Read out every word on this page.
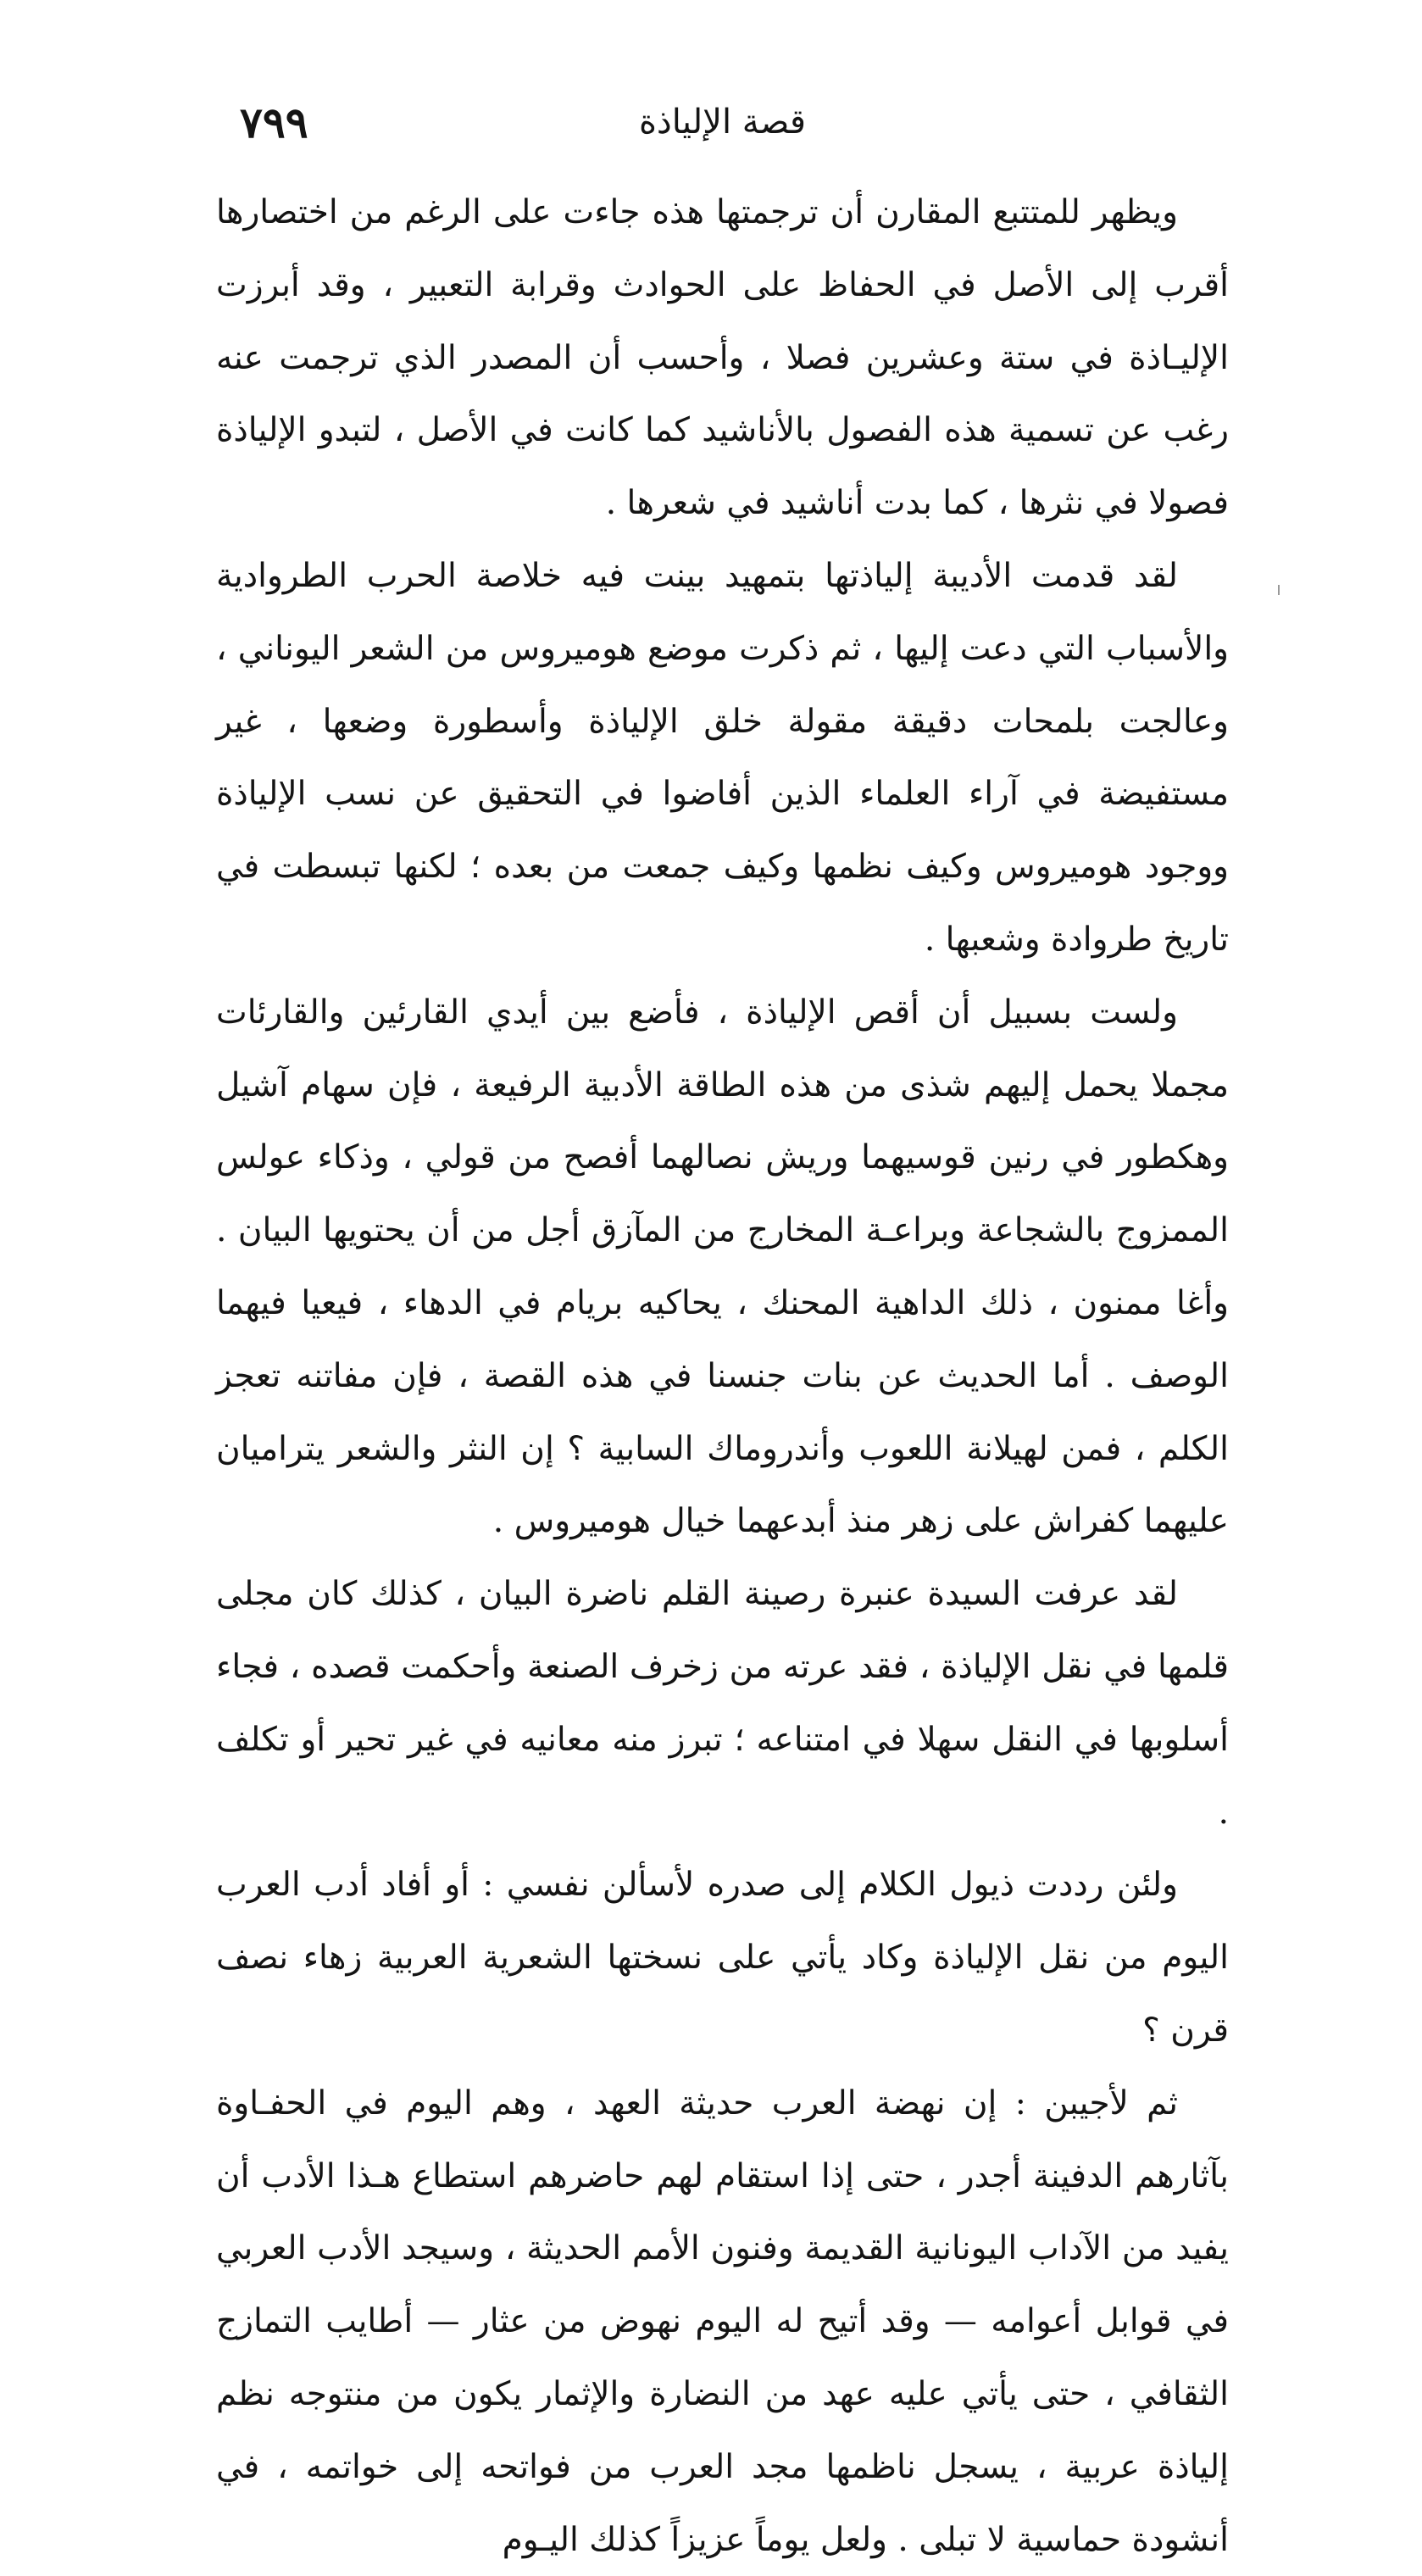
قصة الإلياذة
٧٩٩

ويظهر للمتتبع المقارن أن ترجمتها هذه جاءت على الرغم من اختصارها أقرب إلى الأصل في الحفاظ على الحوادث وقرابة التعبير ، وقد أبرزت الإليـاذة في ستة وعشرين فصلا ، وأحسب أن المصدر الذي ترجمت عنه رغب عن تسمية هذه الفصول بالأناشيد كما كانت في الأصل ، لتبدو الإلياذة فصولا في نثرها ، كما بدت أناشيد في شعرها .

لقد قدمت الأديبة إلياذتها بتمهيد بينت فيه خلاصة الحرب الطروادية والأسباب التي دعت إليها ، ثم ذكرت موضع هوميروس من الشعر اليوناني ، وعالجت بلمحات دقيقة مقولة خلق الإلياذة وأسطورة وضعها ، غير مستفيضة في آراء العلماء الذين أفاضوا في التحقيق عن نسب الإلياذة ووجود هوميروس وكيف نظمها وكيف جمعت من بعده ؛ لكنها تبسطت في تاريخ طروادة وشعبها .

ولست بسبيل أن أقص الإلياذة ، فأضع بين أيدي القارئين والقارئات مجملا يحمل إليهم شذى من هذه الطاقة الأدبية الرفيعة ، فإن سهام آشيل وهكطور في رنين قوسيهما وريش نصالهما أفصح من قولي ، وذكاء عولس الممزوج بالشجاعة وبراعـة المخارج من المآزق أجل من أن يحتويها البيان . وأغا ممنون ، ذلك الداهية المحنك ، يحاكيه بريام في الدهاء ، فيعيا فيهما الوصف . أما الحديث عن بنات جنسنا في هذه القصة ، فإن مفاتنه تعجز الكلم ، فمن لهيلانة اللعوب وأندروماك السابية ؟ إن النثر والشعر يتراميان عليهما كفراش على زهر منذ أبدعهما خيال هوميروس .

لقد عرفت السيدة عنبرة رصينة القلم ناضرة البيان ، كذلك كان مجلى قلمها في نقل الإلياذة ، فقد عرته من زخرف الصنعة وأحكمت قصده ، فجاء أسلوبها في النقل سهلا في امتناعه ؛ تبرز منه معانيه في غير تحير أو تكلف .

ولئن رددت ذيول الكلام إلى صدره لأسألن نفسي : أو أفاد أدب العرب اليوم من نقل الإلياذة وكاد يأتي على نسختها الشعرية العربية زهاء نصف قرن ؟

ثم لأجيبن : إن نهضة العرب حديثة العهد ، وهم اليوم في الحفـاوة بآثارهم الدفينة أجدر ، حتى إذا استقام لهم حاضرهم استطاع هـذا الأدب أن يفيد من الآداب اليونانية القديمة وفنون الأمم الحديثة ، وسيجد الأدب العربي في قوابل أعوامه — وقد أتيح له اليوم نهوض من عثار — أطايب التمازج الثقافي ، حتى يأتي عليه عهد من النضارة والإثمار يكون من منتوجه نظم إلياذة عربية ، يسجل ناظمها مجد العرب من فواتحه إلى خواتمه ، في أنشودة حماسية لا تبلى . ولعل يوماً عزيزاً كذلك اليـوم
